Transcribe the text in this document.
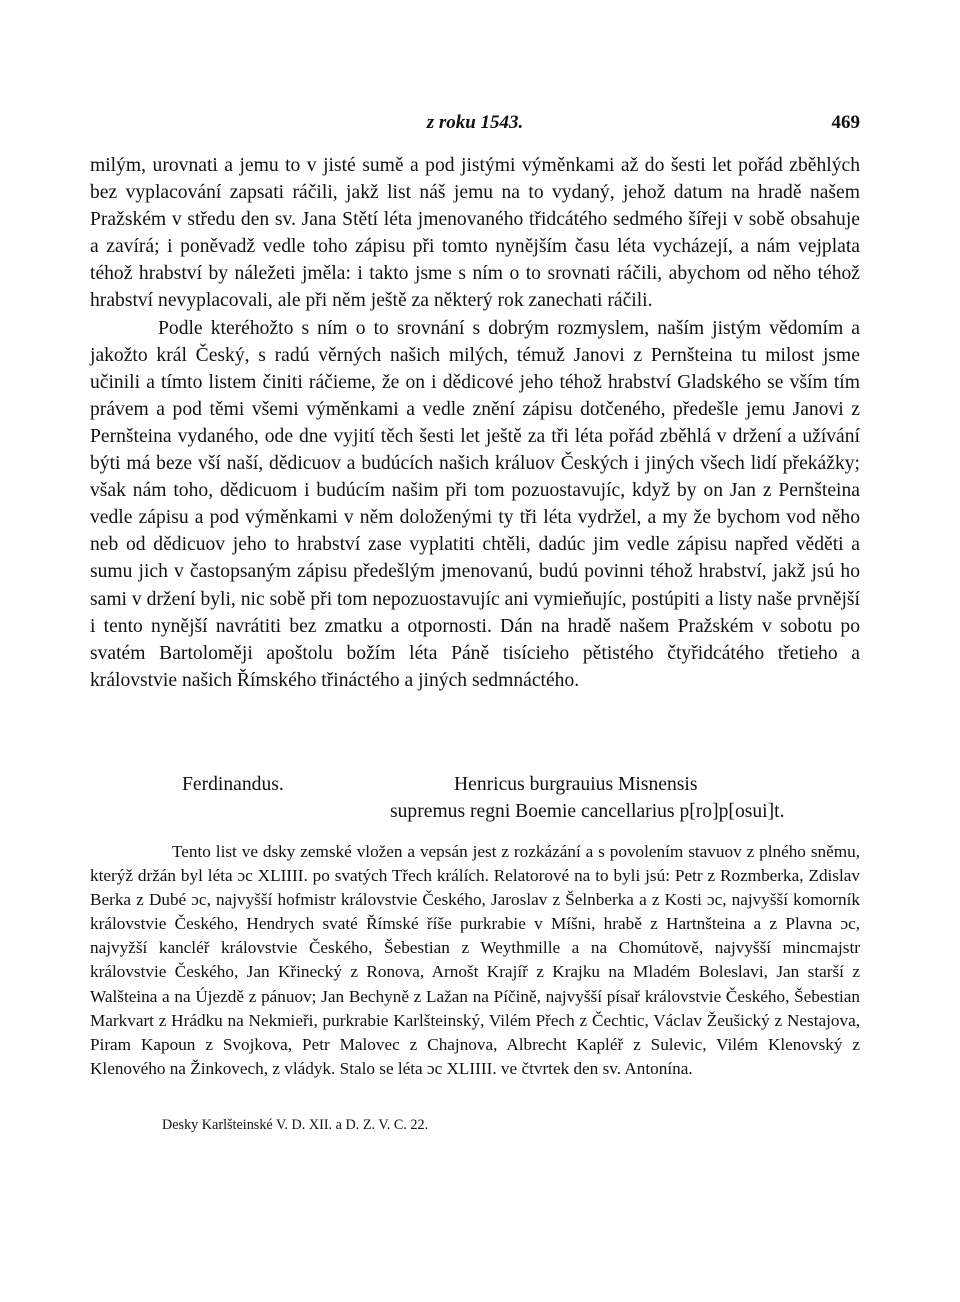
z roku 1543.	469

milým, urovnati a jemu to v jisté sumě a pod jistými výměnkami až do šesti let pořád zběhlých bez vyplacování zapsati ráčili, jakž list náš jemu na to vydaný, jehož datum na hradě našem Pražském v středu den sv. Jana Stětí léta jmenovaného třidcátého sedmého šířeji v sobě obsahuje a zavírá; i poněvadž vedle toho zápisu při tomto nynějším času léta vycházejí, a nám vejplata téhož hrabství by náležeti jměla: i takto jsme s ním o to srovnati ráčili, abychom od něho téhož hrabství nevyplacovali, ale při něm ještě za některý rok zanechati ráčili.

Podle kteréhožto s ním o to srovnání s dobrým rozmyslem, naším jistým vědomím a jakožto král Český, s radú věrných našich milých, témuž Janovi z Pernšteina tu milost jsme učinili a tímto listem činiti ráčieme, že on i dědicové jeho téhož hrabství Gladského se vším tím právem a pod těmi všemi výměnkami a vedle znění zápisu dotčeného, předešle jemu Janovi z Pernšteina vydaného, ode dne vyjití těch šesti let ještě za tři léta pořád zběhlá v držení a užívání býti má beze vší naší, dědicuov a budúcích našich králuov Českých i jiných všech lidí překážky; však nám toho, dědicuom i budúcím našim při tom pozuostavujíc, když by on Jan z Pernšteina vedle zápisu a pod výměnkami v něm doloženými ty tři léta vydržel, a my že bychom vod něho neb od dědicuov jeho to hrabství zase vyplatiti chtěli, dadúc jim vedle zápisu napřed věděti a sumu jich v častopsaným zápisu předešlým jmenovanú, budú povinni téhož hrabství, jakž jsú ho sami v držení byli, nic sobě při tom nepozuostavujíc ani vymieňujíc, postúpiti a listy naše prvnější i tento nynější navrátiti bez zmatku a otpornosti. Dán na hradě našem Pražském v sobotu po svatém Bartoloměji apoštolu božím léta Páně tisícieho pětistého čtyřidcátého třetieho a královstvie našich Římského třináctého a jiných sedmnáctého.

Ferdinandus.	Henricus burgrauius Misnensis
supremus regni Boemie cancellarius p[ro]p[osui]t.

Tento list ve dsky zemské vložen a vepsán jest z rozkázání a s povolením stavuov z plného sněmu, kterýž držán byl léta ɔc XLIIII. po svatých Třech králích. Relatorové na to byli jsú: Petr z Rozmberka, Zdislav Berka z Dubé ɔc, najvyšší hofmistr královstvie Českého, Jaroslav z Šelnberka a z Kosti ɔc, najvyšší komorník královstvie Českého, Hendrych svaté Římské říše purkrabie v Míšni, hrabě z Hartnšteina a z Plavna ɔc, najvyžší kancléř královstvie Českého, Šebestian z Weythmille a na Chomútově, najvyšší mincmajstr královstvie Českého, Jan Křinecký z Ronova, Arnošt Krajíř z Krajku na Mladém Boleslavi, Jan starší z Walšteina a na Újezdě z pánuov; Jan Bechyně z Lažan na Píčině, najvyšší písař královstvie Českého, Šebestian Markvart z Hrádku na Nekmieři, purkrabie Karlšteinský, Vilém Přech z Čechtic, Václav Žeušický z Nestajova, Piram Kapoun z Svojkova, Petr Malovec z Chajnova, Albrecht Kapléř z Sulevic, Vilém Klenovský z Klenového na Žinkovech, z vládyk. Stalo se léta ɔc XLIIII. ve čtvrtek den sv. Antonína.

Desky Karlšteinské V. D. XII. a D. Z. V. C. 22.
